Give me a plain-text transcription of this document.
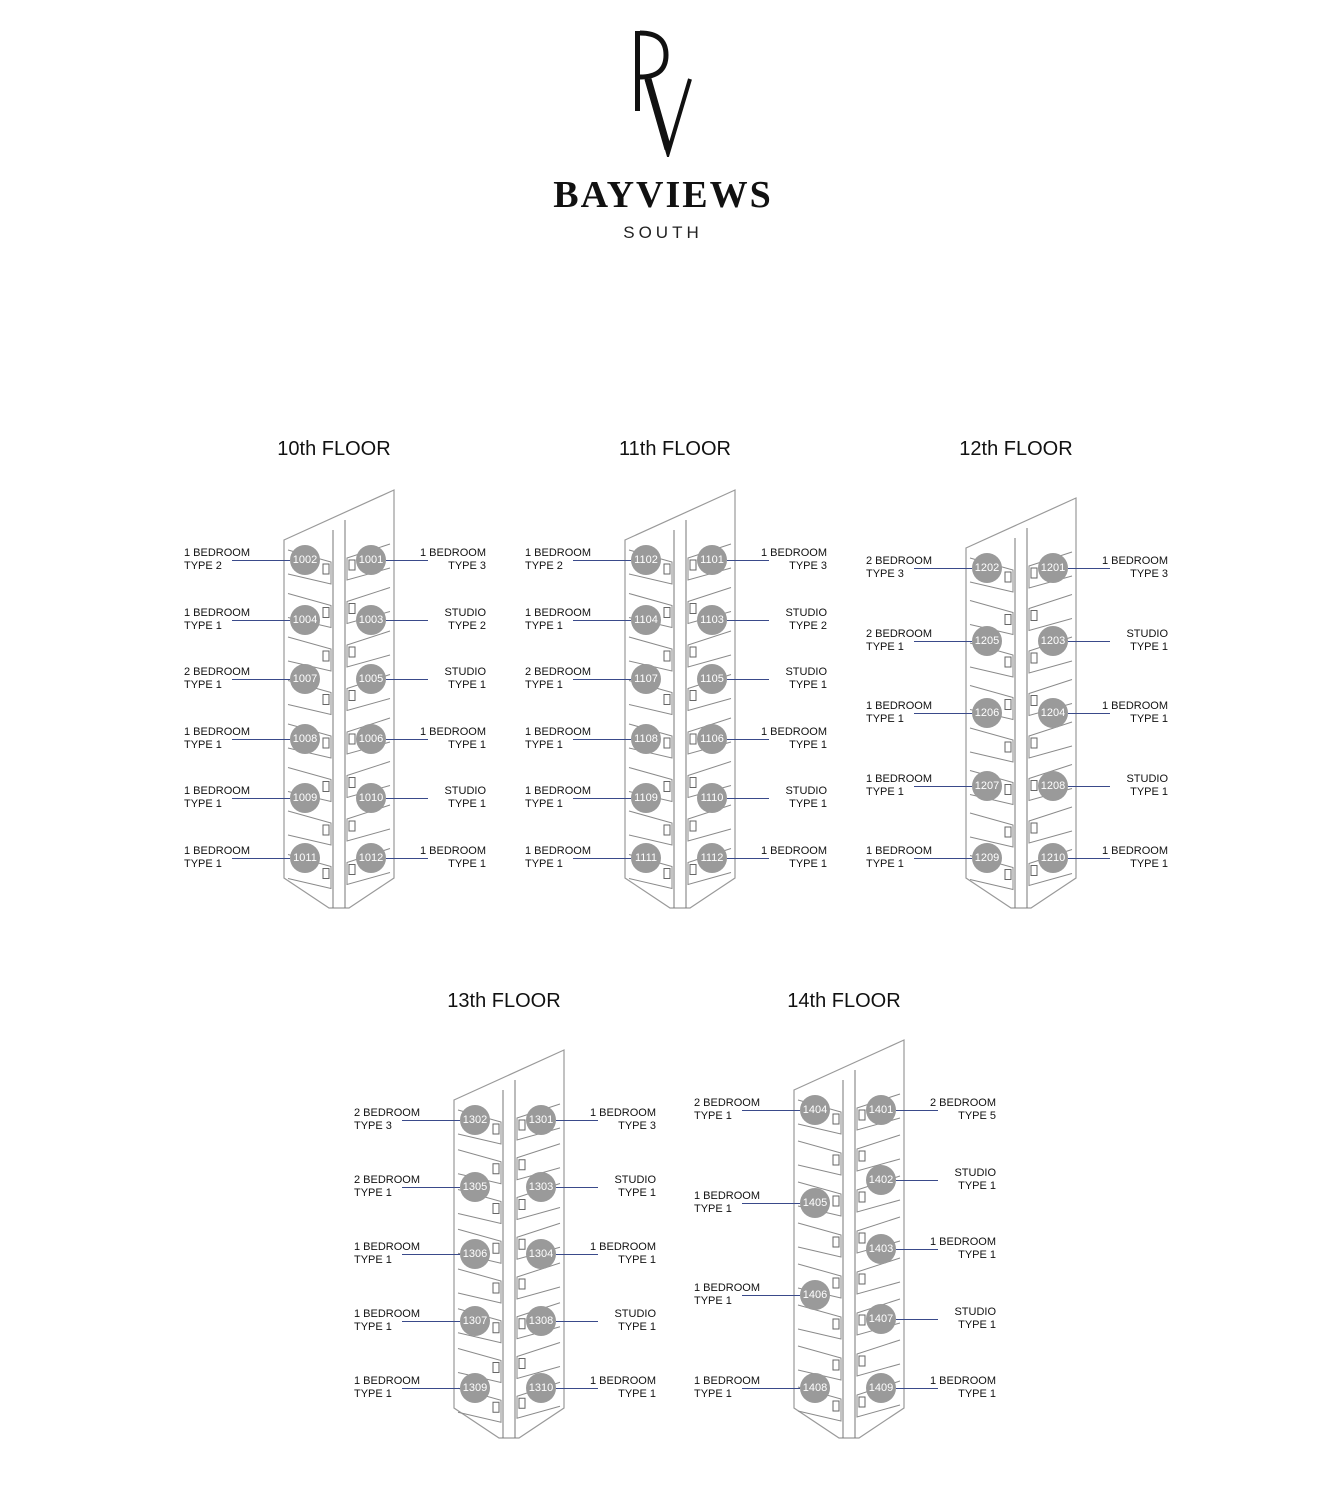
BAYVIEWS
SOUTH
10th FLOOR
1002
1 BEDROOM
TYPE 2
1004
1 BEDROOM
TYPE 1
1007
2 BEDROOM
TYPE 1
1008
1 BEDROOM
TYPE 1
1009
1 BEDROOM
TYPE 1
1011
1 BEDROOM
TYPE 1
1001
1 BEDROOM
TYPE 3
1003
STUDIO
TYPE 2
1005
STUDIO
TYPE 1
1006
1 BEDROOM
TYPE 1
1010
STUDIO
TYPE 1
1012
1 BEDROOM
TYPE 1
11th FLOOR
1102
1 BEDROOM
TYPE 2
1104
1 BEDROOM
TYPE 1
1107
2 BEDROOM
TYPE 1
1108
1 BEDROOM
TYPE 1
1109
1 BEDROOM
TYPE 1
1111
1 BEDROOM
TYPE 1
1101
1 BEDROOM
TYPE 3
1103
STUDIO
TYPE 2
1105
STUDIO
TYPE 1
1106
1 BEDROOM
TYPE 1
1110
STUDIO
TYPE 1
1112
1 BEDROOM
TYPE 1
12th FLOOR
1202
2 BEDROOM
TYPE 3
1205
2 BEDROOM
TYPE 1
1206
1 BEDROOM
TYPE 1
1207
1 BEDROOM
TYPE 1
1209
1 BEDROOM
TYPE 1
1201
1 BEDROOM
TYPE 3
1203
STUDIO
TYPE 1
1204
1 BEDROOM
TYPE 1
1208
STUDIO
TYPE 1
1210
1 BEDROOM
TYPE 1
13th FLOOR
1302
2 BEDROOM
TYPE 3
1305
2 BEDROOM
TYPE 1
1306
1 BEDROOM
TYPE 1
1307
1 BEDROOM
TYPE 1
1309
1 BEDROOM
TYPE 1
1301
1 BEDROOM
TYPE 3
1303
STUDIO
TYPE 1
1304
1 BEDROOM
TYPE 1
1308
STUDIO
TYPE 1
1310
1 BEDROOM
TYPE 1
14th FLOOR
1404
2 BEDROOM
TYPE 1
1405
1 BEDROOM
TYPE 1
1406
1 BEDROOM
TYPE 1
1408
1 BEDROOM
TYPE 1
1401
2 BEDROOM
TYPE 5
1402
STUDIO
TYPE 1
1403
1 BEDROOM
TYPE 1
1407
STUDIO
TYPE 1
1409
1 BEDROOM
TYPE 1
